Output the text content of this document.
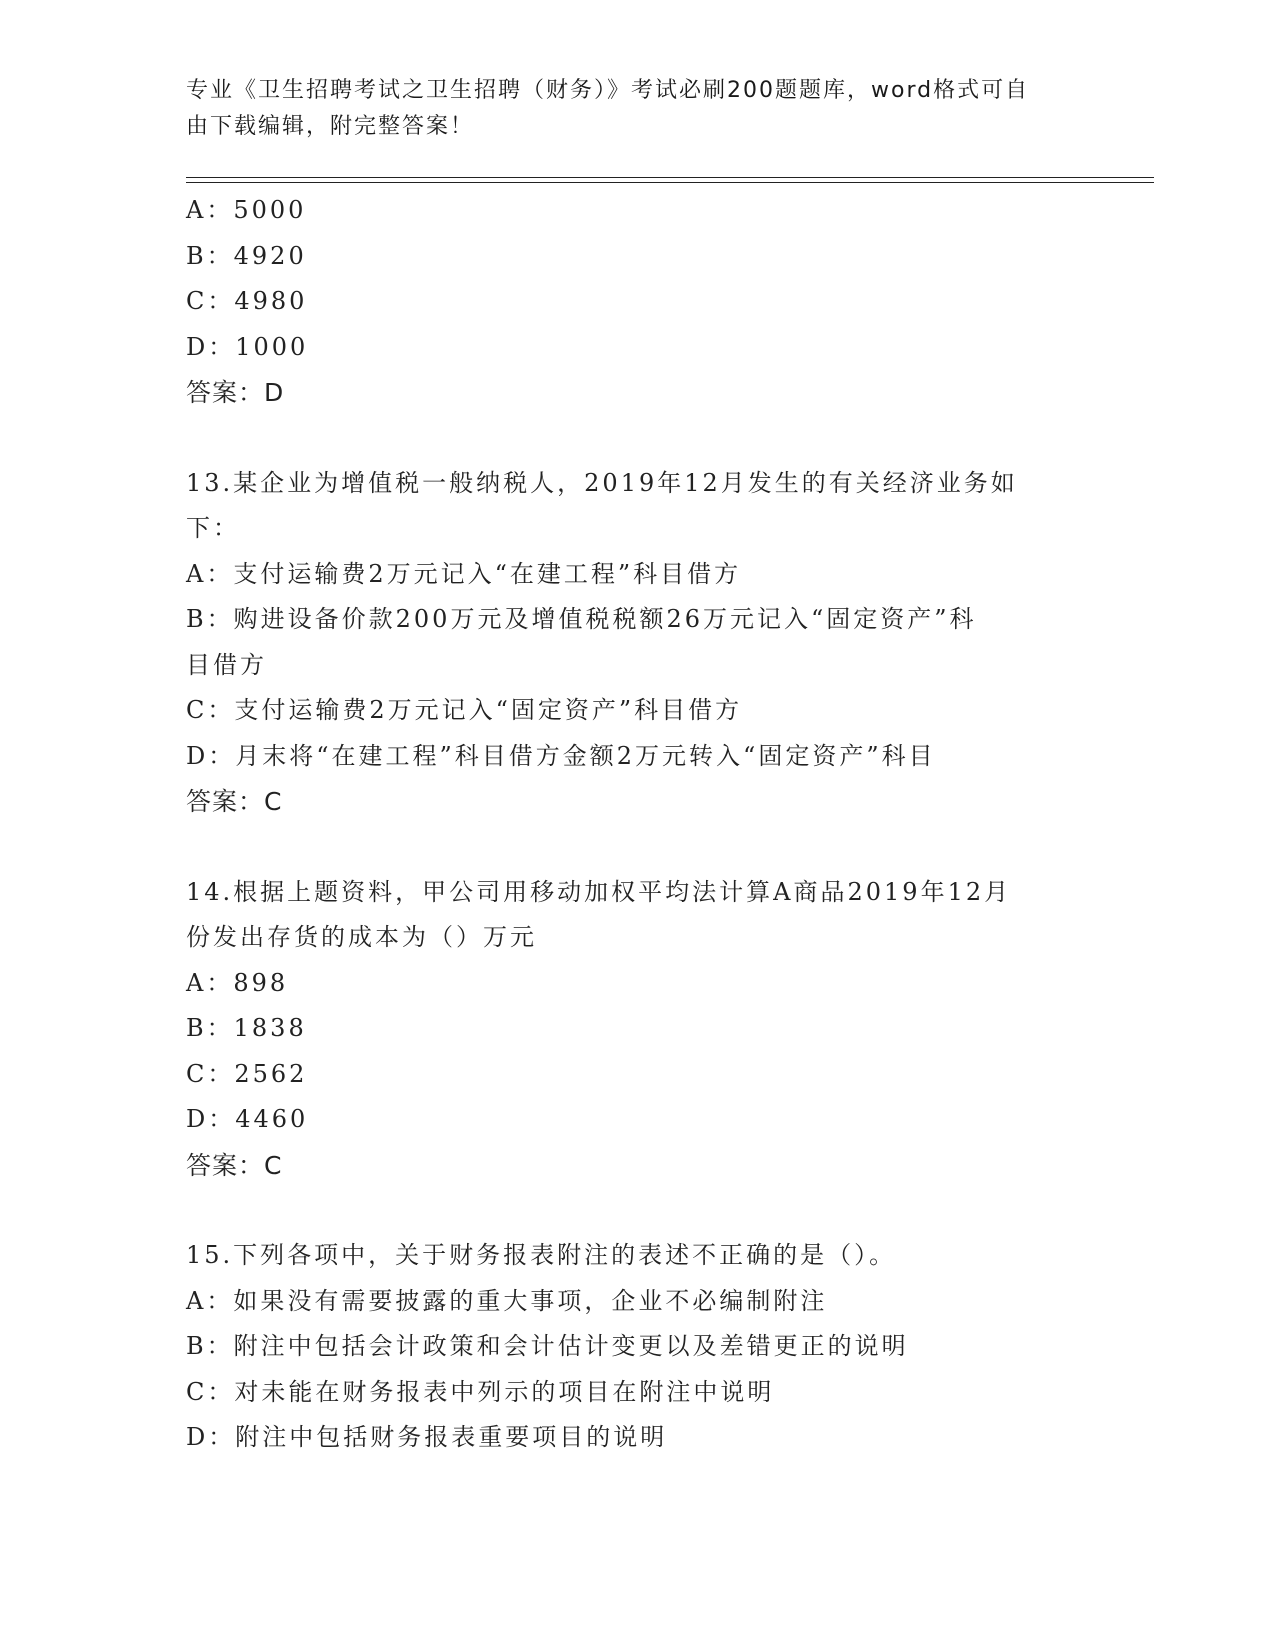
专业《卫生招聘考试之卫生招聘（财务）》考试必刷200题题库，word格式可自
由下载编辑，附完整答案！
A：5000
B：4920
C：4980
D：1000
答案：D
13.某企业为增值税一般纳税人，2019年12月发生的有关经济业务如
下：
A：支付运输费2万元记入“在建工程”科目借方
B：购进设备价款200万元及增值税税额26万元记入“固定资产”科
目借方
C：支付运输费2万元记入“固定资产”科目借方
D：月末将“在建工程”科目借方金额2万元转入“固定资产”科目
答案：C
14.根据上题资料，甲公司用移动加权平均法计算A商品2019年12月
份发出存货的成本为（）万元
A：898
B：1838
C：2562
D：4460
答案：C
15.下列各项中，关于财务报表附注的表述不正确的是（）。
A：如果没有需要披露的重大事项，企业不必编制附注
B：附注中包括会计政策和会计估计变更以及差错更正的说明
C：对未能在财务报表中列示的项目在附注中说明
D：附注中包括财务报表重要项目的说明
